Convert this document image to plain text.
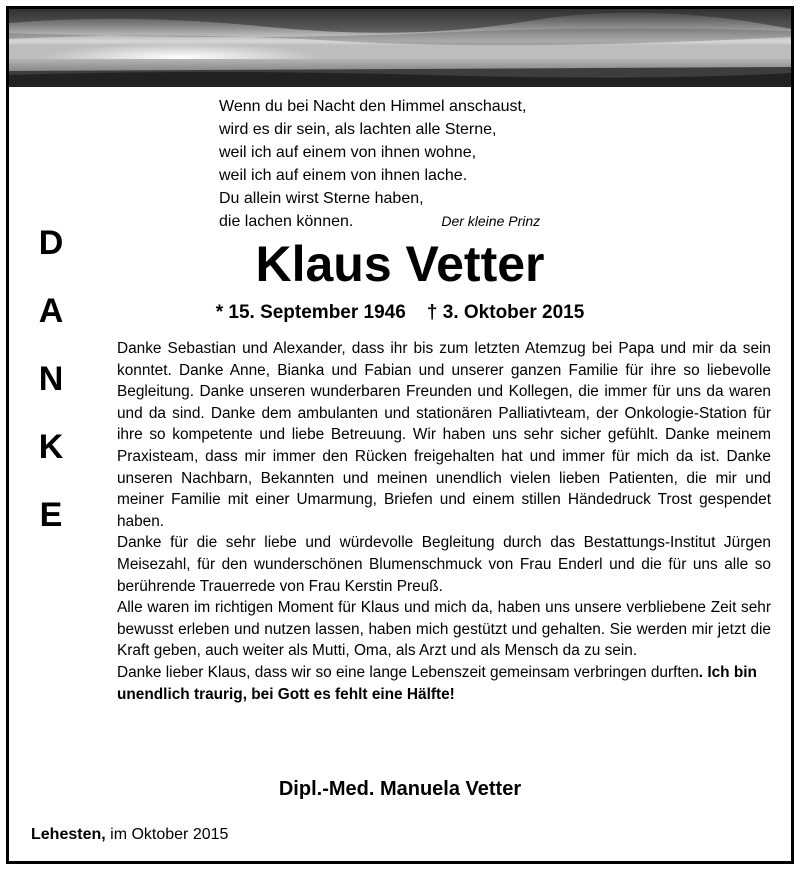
Wenn du bei Nacht den Himmel anschaust,
wird es dir sein, als lachten alle Sterne,
weil ich auf einem von ihnen wohne,
weil ich auf einem von ihnen lache.
Du allein wirst Sterne haben,
die lachen können.	Der kleine Prinz
D
A
N
K
E
Klaus Vetter
* 15. September 1946    † 3. Oktober 2015

Danke Sebastian und Alexander, dass ihr bis zum letzten Atemzug bei Papa und mir da sein konntet. Danke Anne, Bianka und Fabian und unserer ganzen Familie für ihre so liebevolle Begleitung. Danke unseren wunderbaren Freunden und Kollegen, die immer für uns da waren und da sind. Danke dem ambulanten und stationären Palliativteam, der Onkologie-Station für ihre so kompetente und liebe Betreuung. Wir haben uns sehr sicher gefühlt. Danke meinem Praxisteam, dass mir immer den Rücken freigehalten hat und immer für mich da ist. Danke unseren Nachbarn, Bekannten und meinen unendlich vielen lieben Patienten, die mir und meiner Familie mit einer Umarmung, Briefen und einem stillen Händedruck Trost gespendet haben.

Danke für die sehr liebe und würdevolle Begleitung durch das Bestattungs-Institut Jürgen Meisezahl, für den wunderschönen Blumenschmuck von Frau Enderl und die für uns alle so berührende Trauerrede von Frau Kerstin Preuß.

Alle waren im richtigen Moment für Klaus und mich da, haben uns unsere verbliebene Zeit sehr bewusst erleben und nutzen lassen, haben mich gestützt und gehalten. Sie werden mir jetzt die Kraft geben, auch weiter als Mutti, Oma, als Arzt und als Mensch da zu sein.

Danke lieber Klaus, dass wir so eine lange Lebenszeit gemeinsam verbringen durften. Ich bin unendlich traurig, bei Gott es fehlt eine Hälfte!

Dipl.-Med. Manuela Vetter
Lehesten, im Oktober 2015
